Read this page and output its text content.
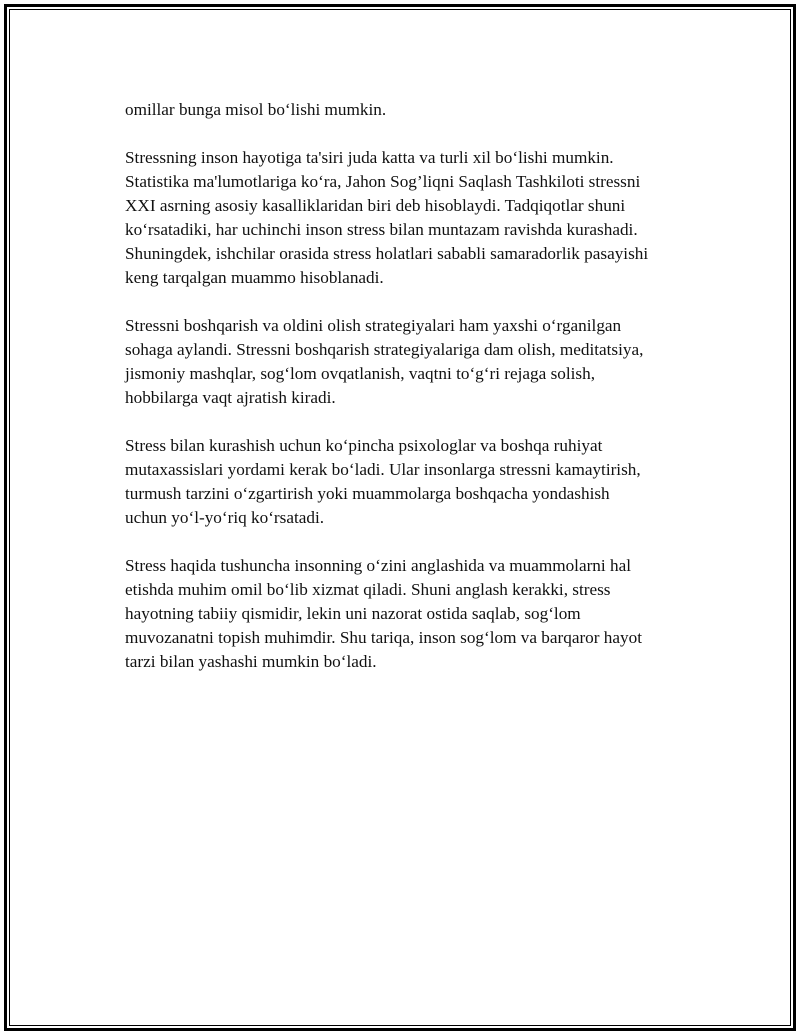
omillar bunga misol boʻlishi mumkin.

Stressning inson hayotiga ta'siri juda katta va turli xil boʻlishi mumkin.
Statistika ma'lumotlariga koʻra, Jahon Sog’liqni Saqlash Tashkiloti stressni
XXI asrning asosiy kasalliklaridan biri deb hisoblaydi. Tadqiqotlar shuni
koʻrsatadiki, har uchinchi inson stress bilan muntazam ravishda kurashadi.
Shuningdek, ishchilar orasida stress holatlari sababli samaradorlik pasayishi
keng tarqalgan muammo hisoblanadi.

Stressni boshqarish va oldini olish strategiyalari ham yaxshi oʻrganilgan
sohaga aylandi. Stressni boshqarish strategiyalariga dam olish, meditatsiya,
jismoniy mashqlar, sogʻlom ovqatlanish, vaqtni toʻgʻri rejaga solish,
hobbilarga vaqt ajratish kiradi.

Stress bilan kurashish uchun koʻpincha psixologlar va boshqa ruhiyat
mutaxassislari yordami kerak boʻladi. Ular insonlarga stressni kamaytirish,
turmush tarzini oʻzgartirish yoki muammolarga boshqacha yondashish
uchun yoʻl-yoʻriq koʻrsatadi.

Stress haqida tushuncha insonning oʻzini anglashida va muammolarni hal
etishda muhim omil boʻlib xizmat qiladi. Shuni anglash kerakki, stress
hayotning tabiiy qismidir, lekin uni nazorat ostida saqlab, sogʻlom
muvozanatni topish muhimdir. Shu tariqa, inson sogʻlom va barqaror hayot
tarzi bilan yashashi mumkin boʻladi.
